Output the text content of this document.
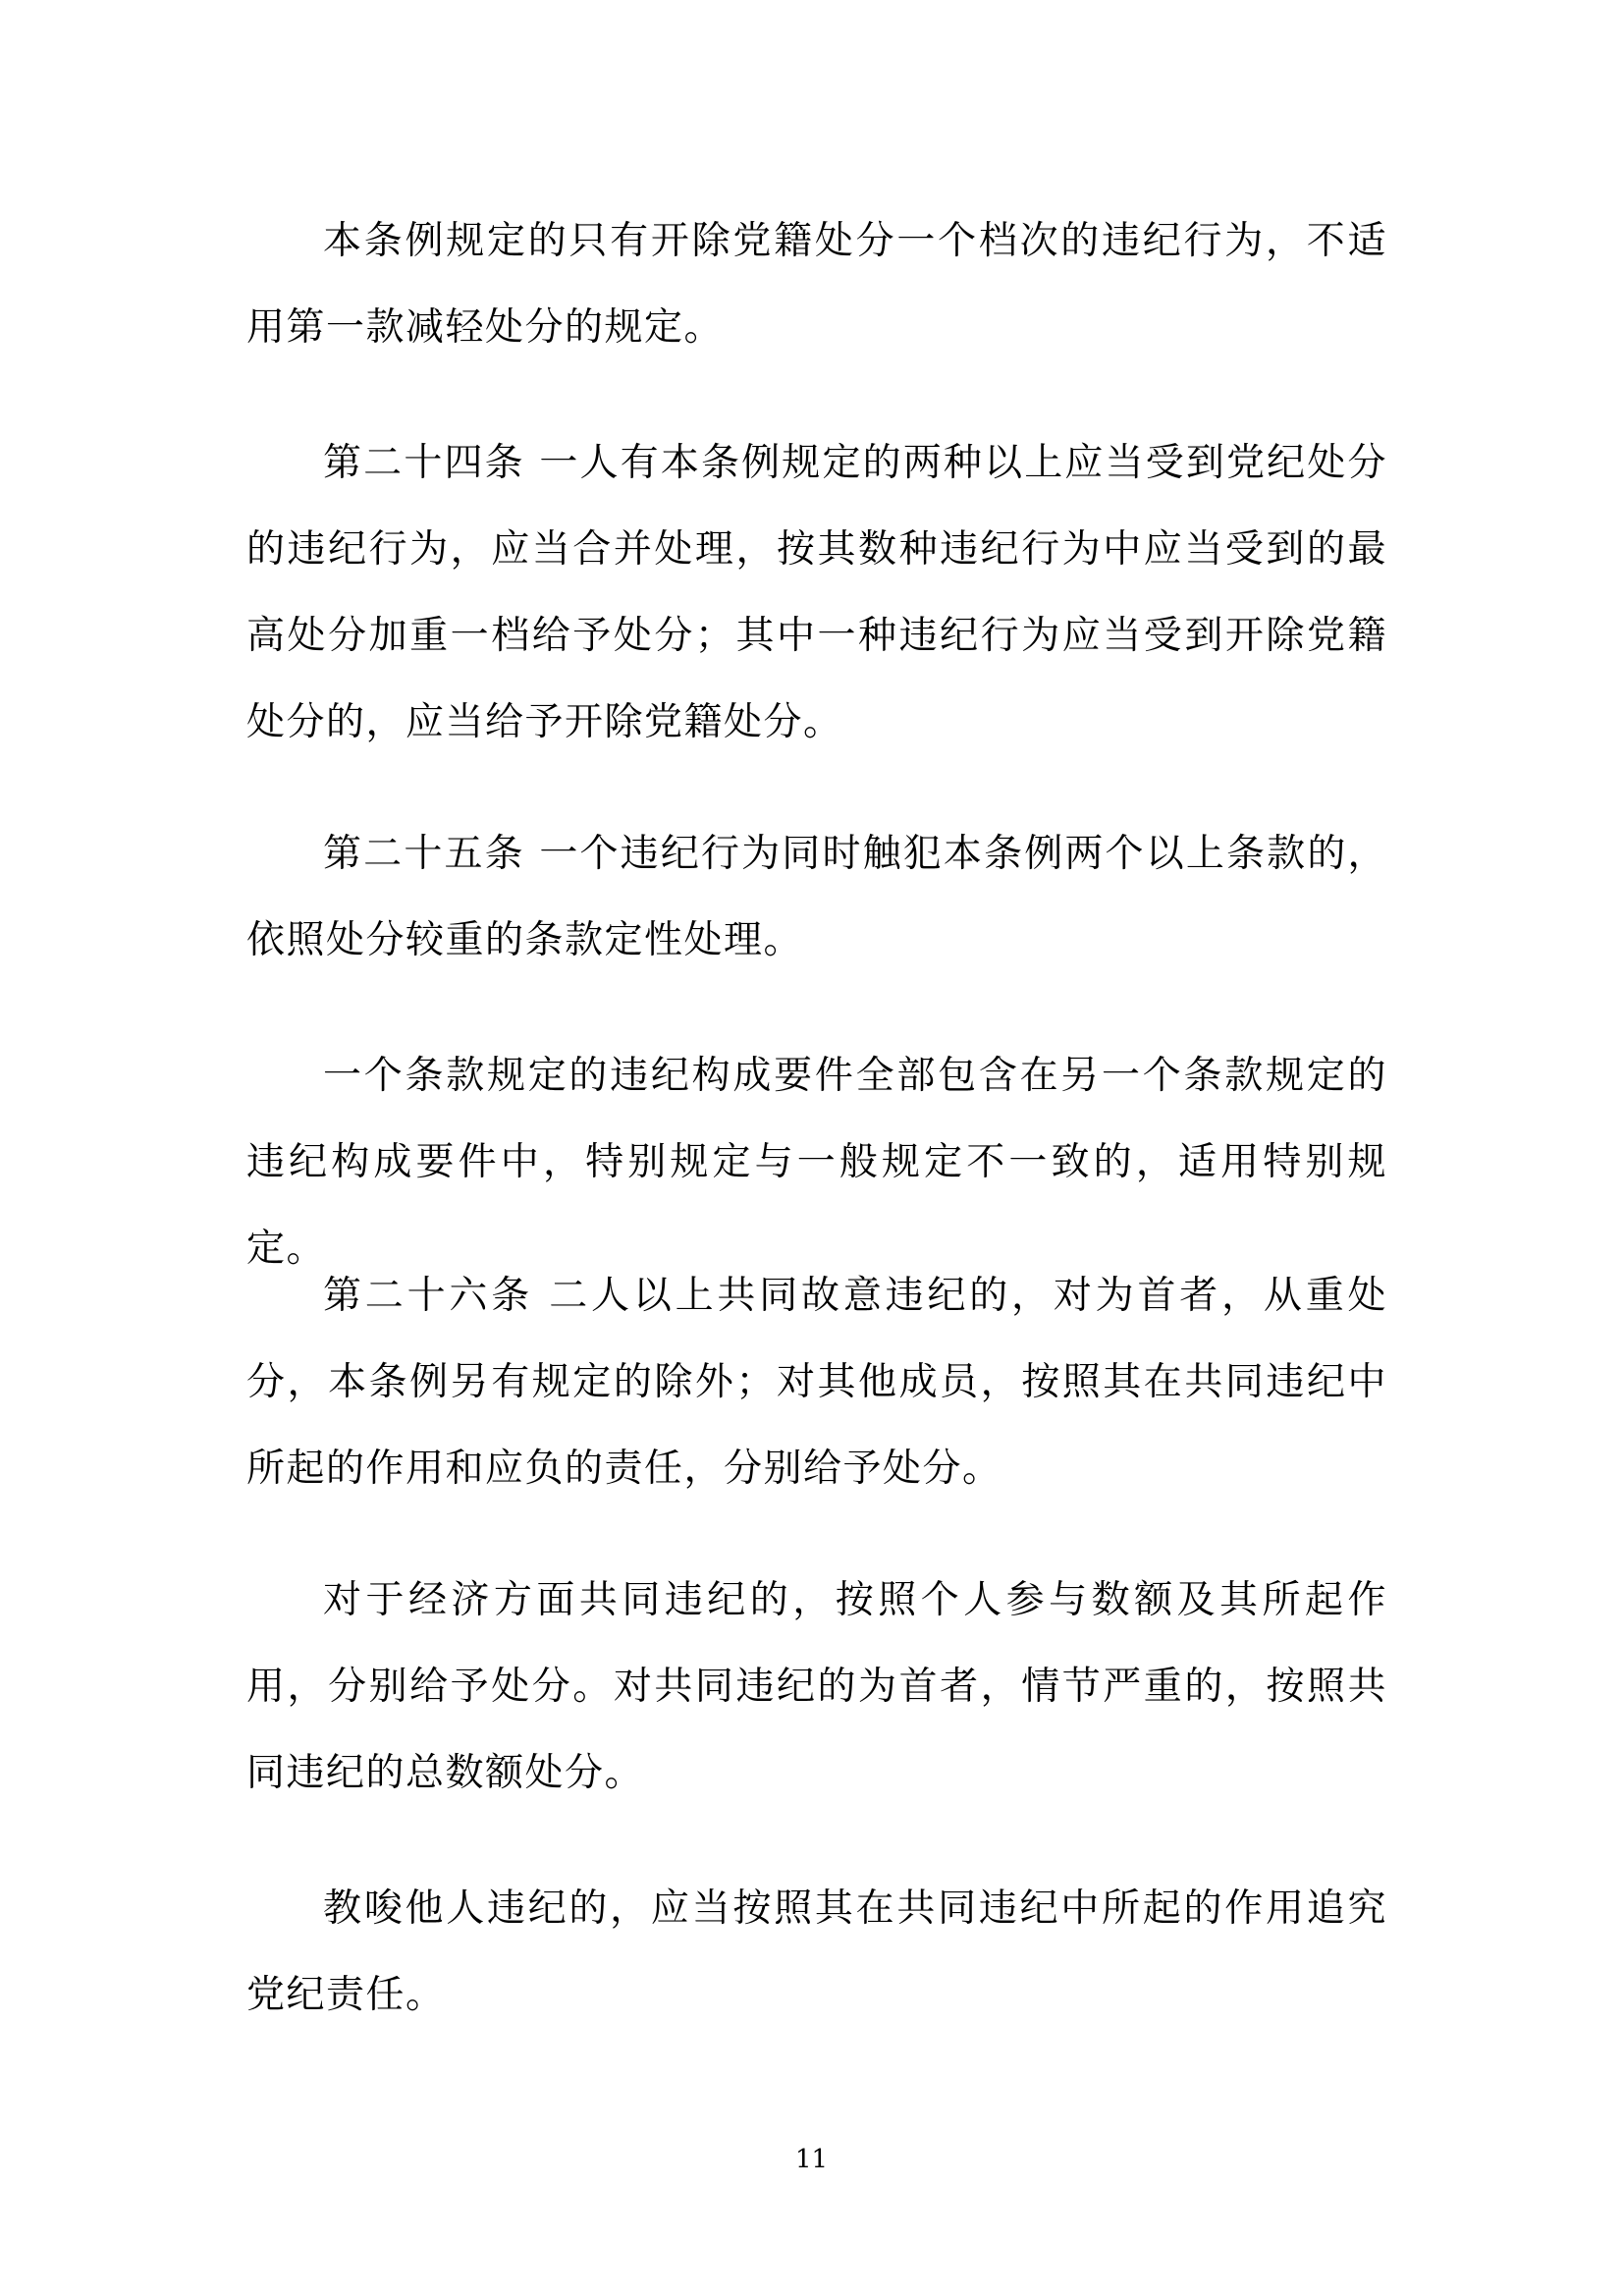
本条例规定的只有开除党籍处分一个档次的违纪行为，不适用第一款减轻处分的规定。

第二十四条 一人有本条例规定的两种以上应当受到党纪处分的违纪行为，应当合并处理，按其数种违纪行为中应当受到的最高处分加重一档给予处分；其中一种违纪行为应当受到开除党籍处分的，应当给予开除党籍处分。

第二十五条 一个违纪行为同时触犯本条例两个以上条款的，依照处分较重的条款定性处理。

一个条款规定的违纪构成要件全部包含在另一个条款规定的违纪构成要件中，特别规定与一般规定不一致的，适用特别规定。

第二十六条 二人以上共同故意违纪的，对为首者，从重处分，本条例另有规定的除外；对其他成员，按照其在共同违纪中所起的作用和应负的责任，分别给予处分。

对于经济方面共同违纪的，按照个人参与数额及其所起作用，分别给予处分。对共同违纪的为首者，情节严重的，按照共同违纪的总数额处分。

教唆他人违纪的，应当按照其在共同违纪中所起的作用追究党纪责任。

11
